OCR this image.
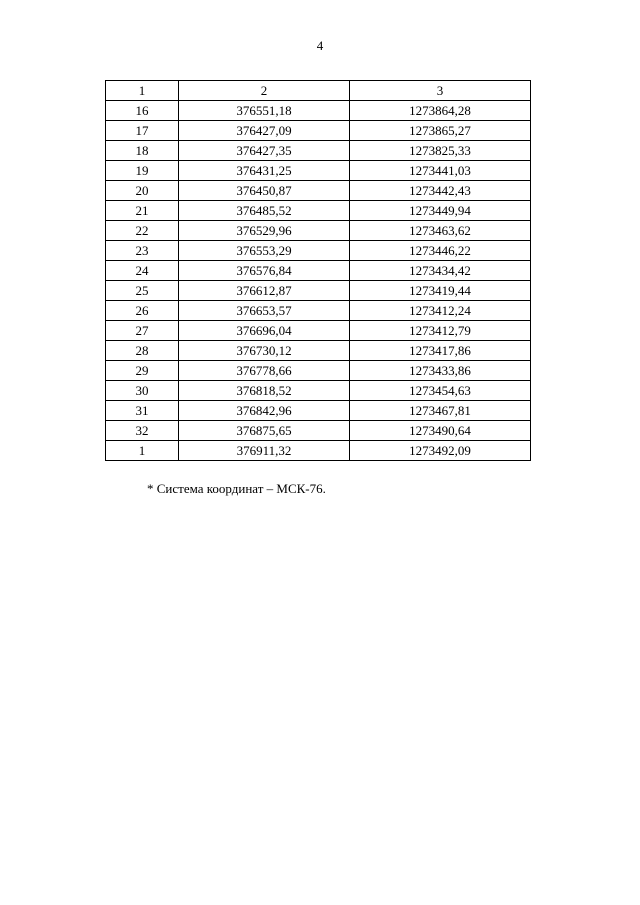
4
1	2	3
16	376551,18	1273864,28
17	376427,09	1273865,27
18	376427,35	1273825,33
19	376431,25	1273441,03
20	376450,87	1273442,43
21	376485,52	1273449,94
22	376529,96	1273463,62
23	376553,29	1273446,22
24	376576,84	1273434,42
25	376612,87	1273419,44
26	376653,57	1273412,24
27	376696,04	1273412,79
28	376730,12	1273417,86
29	376778,66	1273433,86
30	376818,52	1273454,63
31	376842,96	1273467,81
32	376875,65	1273490,64
1	376911,32	1273492,09
* Система координат – МСК-76.
